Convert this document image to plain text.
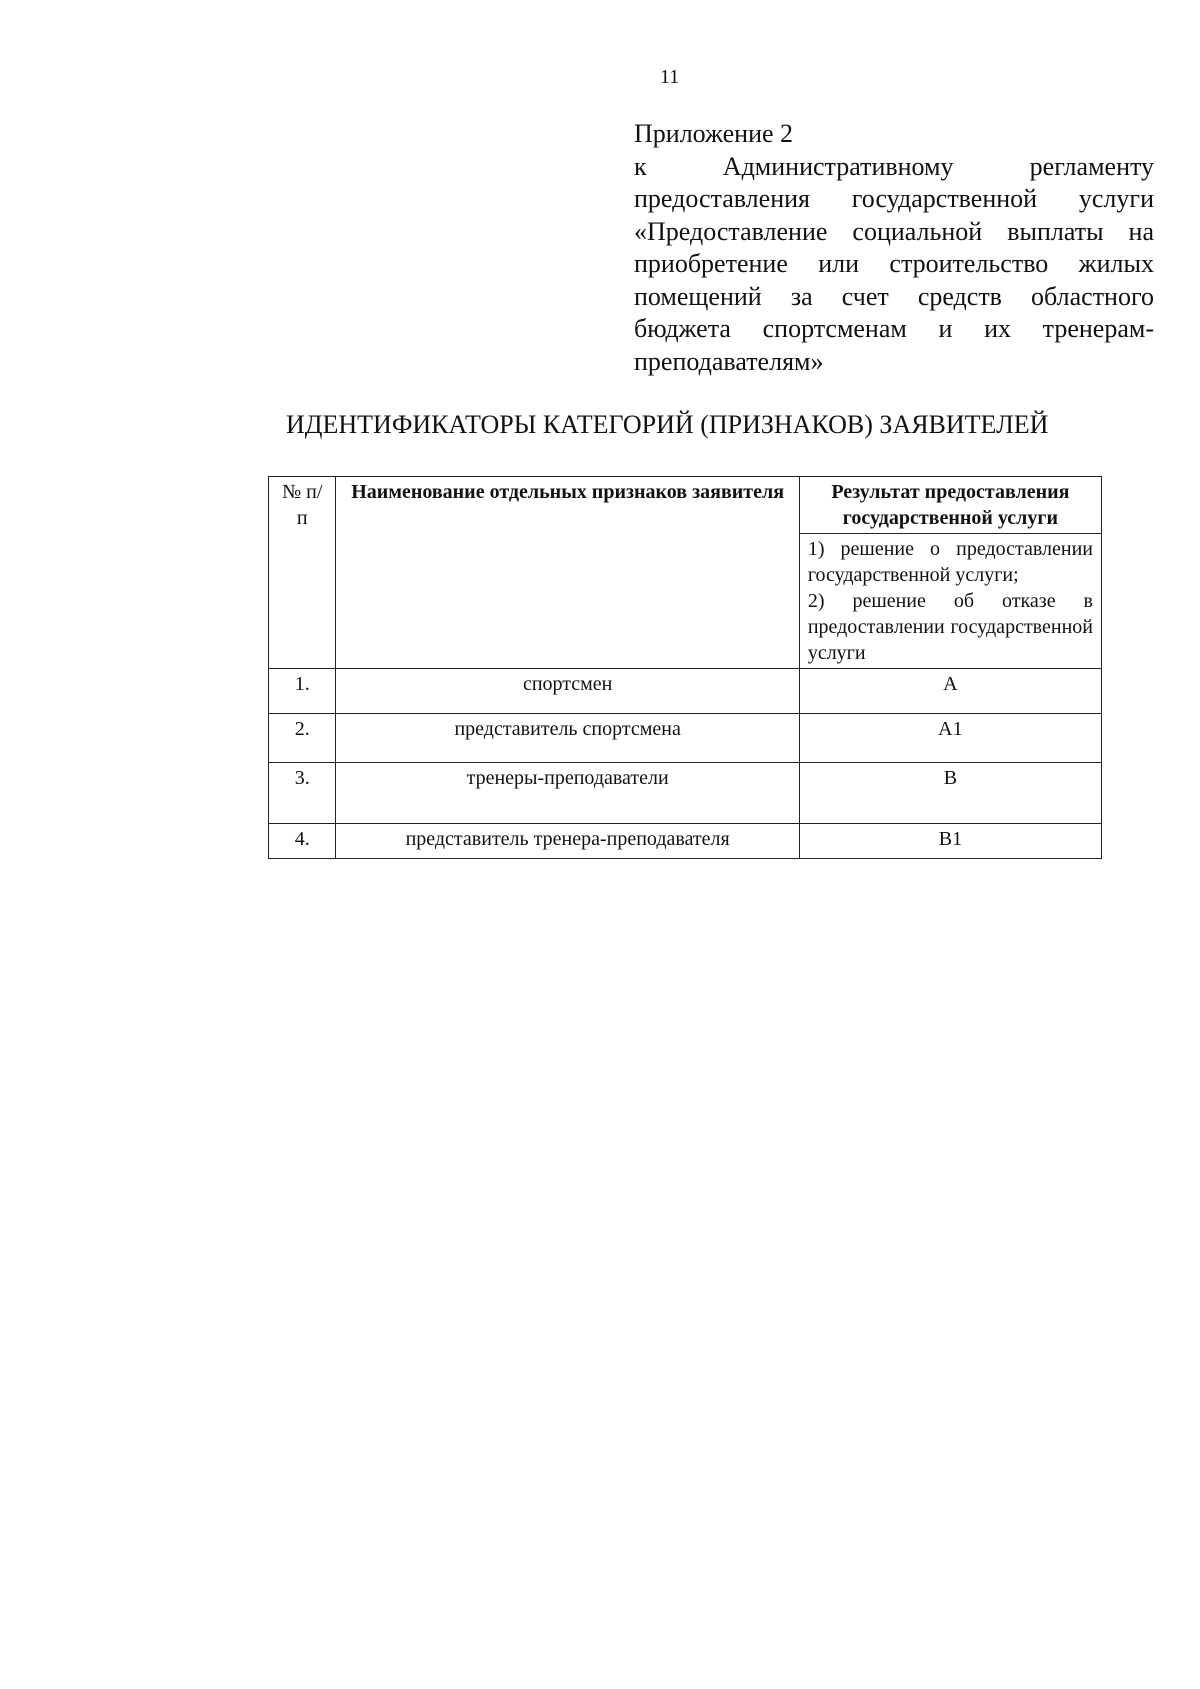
11
Приложение 2
к Административному регламенту предоставления государственной услуги «Предоставление социальной выплаты на приобретение или строительство жилых помещений за счет средств областного бюджета спортсменам и их тренерам-преподавателям»
ИДЕНТИФИКАТОРЫ КАТЕГОРИЙ (ПРИЗНАКОВ) ЗАЯВИТЕЛЕЙ
№ п/п	Наименование отдельных признаков заявителя	Результат предоставления государственной услуги

		1) решение о предоставлении государственной услуги;
2) решение об отказе в предоставлении государственной услуги

1.	спортсмен	А
2.	представитель спортсмена	А1
3.	тренеры-преподаватели	В
4.	представитель тренера-преподавателя	В1
